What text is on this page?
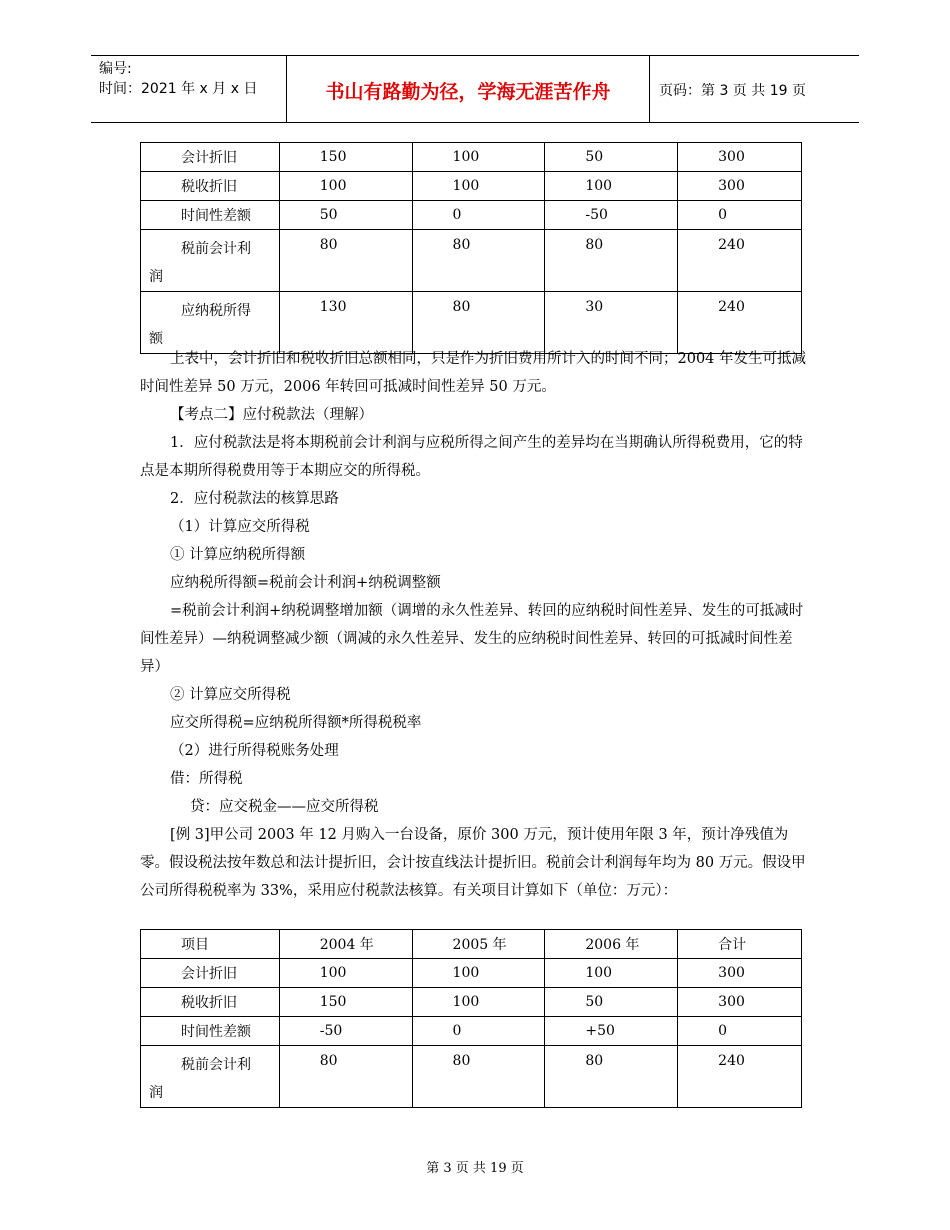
编号:
时间：2021 年 x 月 x 日	书山有路勤为径，学海无涯苦作舟	页码：第 3 页 共 19 页
会计折旧	150	100	50	300
税收折旧	100	100	100	300
时间性差额	50	0	-50	0

税前会计利
润	80	80	80	240

应纳税所得
额	130	80	30	240
上表中，会计折旧和税收折旧总额相同，只是作为折旧费用所计入的时间不同；2004 年发生可抵减时间性差异 50 万元，2006 年转回可抵减时间性差异 50 万元。
【考点二】应付税款法（理解）
1．应付税款法是将本期税前会计利润与应税所得之间产生的差异均在当期确认所得税费用，它的特点是本期所得税费用等于本期应交的所得税。
2．应付税款法的核算思路
（1）计算应交所得税
① 计算应纳税所得额
应纳税所得额=税前会计利润+纳税调整额
=税前会计利润+纳税调整增加额（调增的永久性差异、转回的应纳税时间性差异、发生的可抵减时间性差异）—纳税调整减少额（调减的永久性差异、发生的应纳税时间性差异、转回的可抵减时间性差异）
② 计算应交所得税
应交所得税=应纳税所得额*所得税税率
（2）进行所得税账务处理
借：所得税
贷：应交税金——应交所得税
[例 3]甲公司 2003 年 12 月购入一台设备，原价 300 万元，预计使用年限 3 年，预计净残值为零。假设税法按年数总和法计提折旧，会计按直线法计提折旧。税前会计利润每年均为 80 万元。假设甲公司所得税税率为 33%，采用应付税款法核算。有关项目计算如下（单位：万元）：
项目	2004 年	2005 年	2006 年	合计
会计折旧	100	100	100	300
税收折旧	150	100	50	300
时间性差额	-50	0	+50	0

税前会计利
润	80	80	80	240
第 3 页 共 19 页
